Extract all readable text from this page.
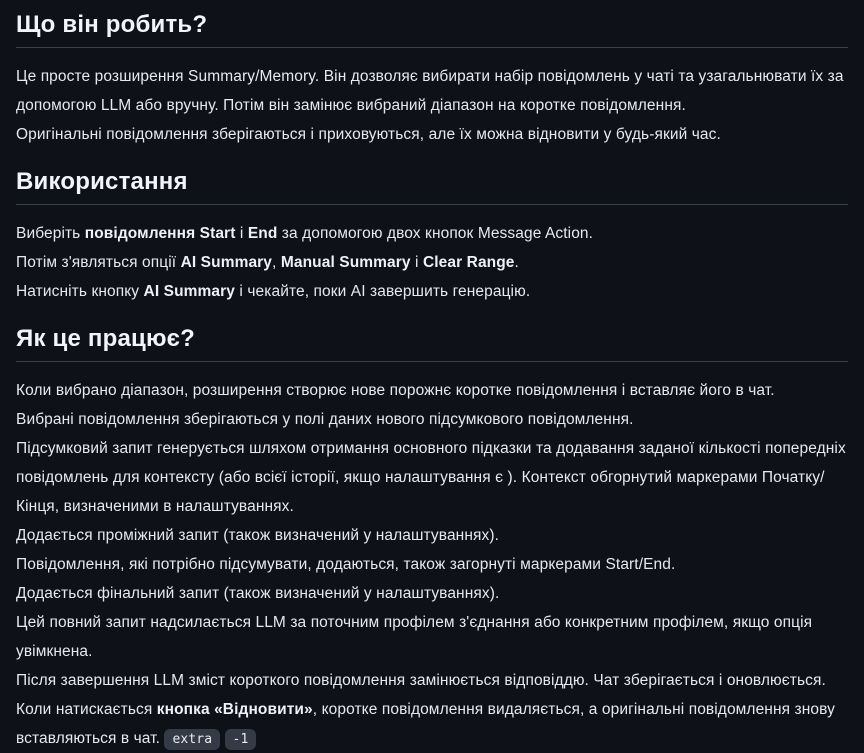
Що він робить?

Це просте розширення Summary/Memory. Він дозволяє вибирати набір повідомлень у чаті та узагальнювати їх за допомогою LLM або вручну. Потім він замінює вибраний діапазон на коротке повідомлення.
Оригінальні повідомлення зберігаються і приховуються, але їх можна відновити у будь-який час.

Використання

Виберіть повідомлення Start і End за допомогою двох кнопок Message Action.
Потім з'являться опції AI Summary, Manual Summary і Clear Range.
Натисніть кнопку AI Summary і чекайте, поки AI завершить генерацію.

Як це працює?

Коли вибрано діапазон, розширення створює нове порожнє коротке повідомлення і вставляє його в чат.
Вибрані повідомлення зберігаються у полі даних нового підсумкового повідомлення.
Підсумковий запит генерується шляхом отримання основного підказки та додавання заданої кількості попередніх повідомлень для контексту (або всієї історії, якщо налаштування є ). Контекст обгорнутий маркерами Початку/Кінця, визначеними в налаштуваннях.
Додається проміжний запит (також визначений у налаштуваннях).
Повідомлення, які потрібно підсумувати, додаються, також загорнуті маркерами Start/End.
Додається фінальний запит (також визначений у налаштуваннях).
Цей повний запит надсилається LLM за поточним профілем з'єднання або конкретним профілем, якщо опція увімкнена.
Після завершення LLM зміст короткого повідомлення замінюється відповіддю. Чат зберігається і оновлюється.
Коли натискається кнопка «Відновити», коротке повідомлення видаляється, а оригінальні повідомлення знову вставляються в чат. extra -1
